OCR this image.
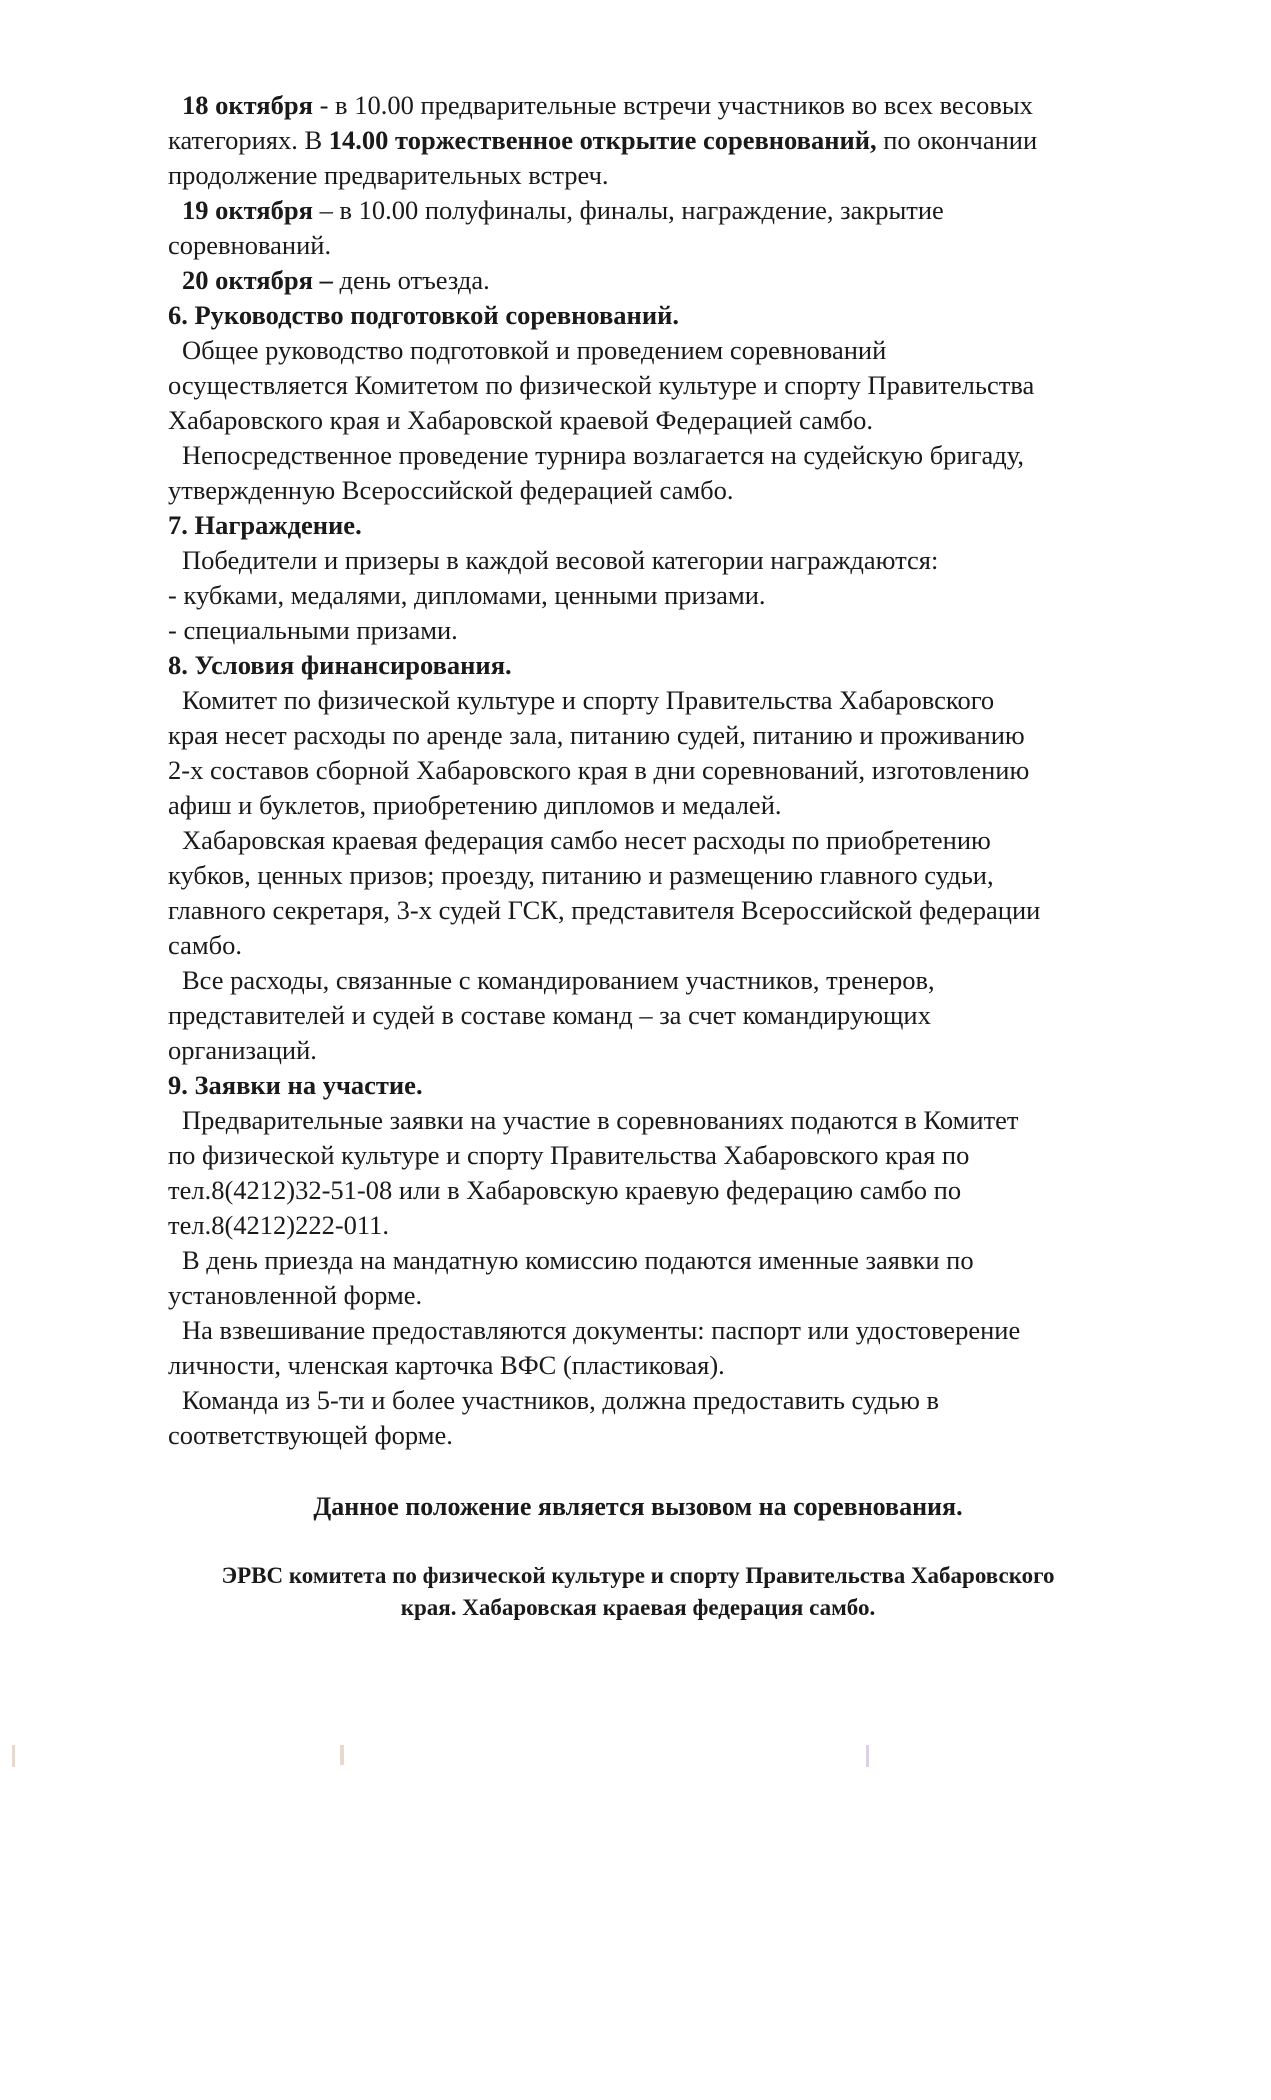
18 октября - в 10.00 предварительные встречи участников во всех весовых
категориях. В 14.00 торжественное открытие соревнований, по окончании
продолжение предварительных встреч.
19 октября – в 10.00 полуфиналы, финалы, награждение, закрытие
соревнований.
20 октября – день отъезда.
6. Руководство подготовкой соревнований.
Общее руководство подготовкой и проведением соревнований
осуществляется Комитетом по физической культуре и спорту Правительства
Хабаровского края и Хабаровской краевой Федерацией самбо.
Непосредственное проведение турнира возлагается на судейскую бригаду,
утвержденную Всероссийской федерацией самбо.
7. Награждение.
Победители и призеры в каждой весовой категории награждаются:
- кубками, медалями, дипломами, ценными призами.
- специальными призами.
8. Условия финансирования.
Комитет по физической культуре и спорту Правительства Хабаровского
края несет расходы по аренде зала, питанию судей, питанию и проживанию
2-х составов сборной Хабаровского края в дни соревнований, изготовлению
афиш и буклетов, приобретению дипломов и медалей.
Хабаровская краевая федерация самбо несет расходы по приобретению
кубков, ценных призов; проезду, питанию и размещению главного судьи,
главного секретаря, 3-х судей ГСК, представителя Всероссийской федерации
самбо.
Все расходы, связанные с командированием участников, тренеров,
представителей и судей в составе команд – за счет командирующих
организаций.
9. Заявки на участие.
Предварительные заявки на участие в соревнованиях подаются в Комитет
по физической культуре и спорту Правительства Хабаровского края по
тел.8(4212)32-51-08 или в Хабаровскую краевую федерацию самбо по
тел.8(4212)222-011.
В день приезда на мандатную комиссию подаются именные заявки по
установленной форме.
На взвешивание предоставляются документы: паспорт или удостоверение
личности, членская карточка ВФС (пластиковая).
Команда из 5-ти и более участников, должна предоставить судью в
соответствующей форме.
Данное положение является вызовом на соревнования.
ЭРВС комитета по физической культуре и спорту Правительства Хабаровского
края. Хабаровская краевая федерация самбо.
